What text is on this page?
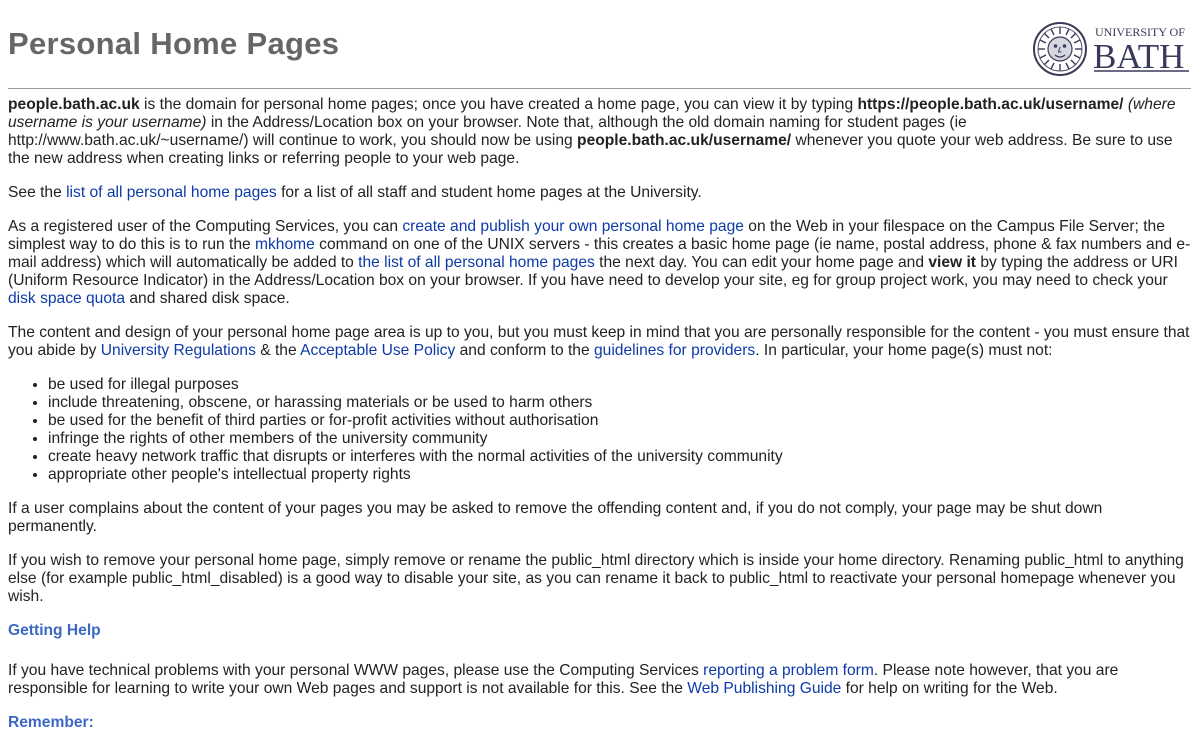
Personal Home Pages	UNIVERSITY OF
BATH

people.bath.ac.uk is the domain for personal home pages; once you have created a home page, you can view it by typing https://people.bath.ac.uk/username/ (where username is your username) in the Address/Location box on your browser. Note that, although the old domain naming for student pages (ie http://www.bath.ac.uk/~username/) will continue to work, you should now be using people.bath.ac.uk/username/ whenever you quote your web address. Be sure to use the new address when creating links or referring people to your web page.

See the list of all personal home pages for a list of all staff and student home pages at the University.

As a registered user of the Computing Services, you can create and publish your own personal home page on the Web in your filespace on the Campus File Server; the simplest way to do this is to run the mkhome command on one of the UNIX servers - this creates a basic home page (ie name, postal address, phone & fax numbers and e-mail address) which will automatically be added to the list of all personal home pages the next day. You can edit your home page and view it by typing the address or URI (Uniform Resource Indicator) in the Address/Location box on your browser. If you have need to develop your site, eg for group project work, you may need to check your disk space quota and shared disk space.

The content and design of your personal home page area is up to you, but you must keep in mind that you are personally responsible for the content - you must ensure that you abide by University Regulations & the Acceptable Use Policy and conform to the guidelines for providers. In particular, your home page(s) must not:

• be used for illegal purposes
• include threatening, obscene, or harassing materials or be used to harm others
• be used for the benefit of third parties or for-profit activities without authorisation
• infringe the rights of other members of the university community
• create heavy network traffic that disrupts or interferes with the normal activities of the university community
• appropriate other people's intellectual property rights

If a user complains about the content of your pages you may be asked to remove the offending content and, if you do not comply, your page may be shut down permanently.

If you wish to remove your personal home page, simply remove or rename the public_html directory which is inside your home directory. Renaming public_html to anything else (for example public_html_disabled) is a good way to disable your site, as you can rename it back to public_html to reactivate your personal homepage whenever you wish.

Getting Help

If you have technical problems with your personal WWW pages, please use the Computing Services reporting a problem form. Please note however, that you are responsible for learning to write your own Web pages and support is not available for this. See the Web Publishing Guide for help on writing for the Web.

Remember:
